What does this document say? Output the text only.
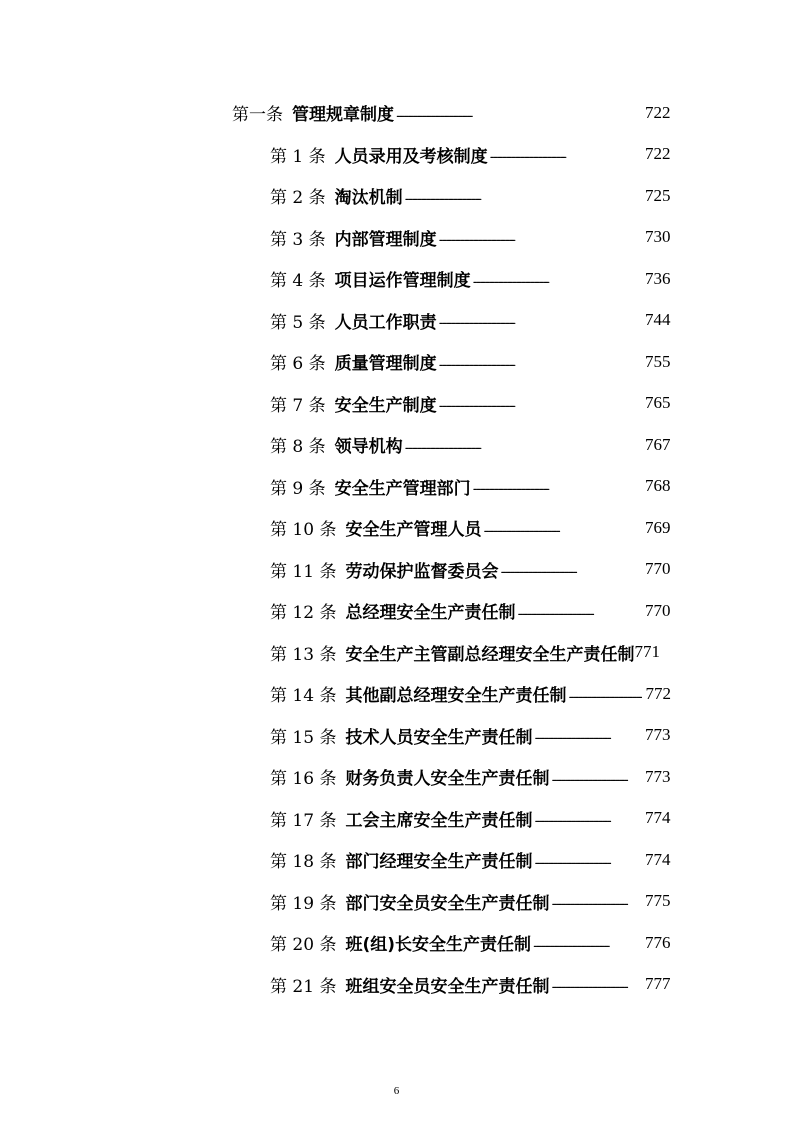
第一条 管理规章制度 . . .	722
第 1 条 人员录用及考核制度 . . .	722
第 2 条 淘汰机制 . . .	725
第 3 条 内部管理制度 . . .	730
第 4 条 项目运作管理制度 . . .	736
第 5 条 人员工作职责 . . .	744
第 6 条 质量管理制度 . . .	755
第 7 条 安全生产制度 . . .	765
第 8 条 领导机构 . . .	767
第 9 条 安全生产管理部门 . . .	768
第 10 条 安全生产管理人员 . . .	769
第 11 条 劳动保护监督委员会 . . .	770
第 12 条 总经理安全生产责任制 . . .	770
第 13 条 安全生产主管副总经理安全生产责任制 771
第 14 条 其他副总经理安全生产责任制 . . .	772
第 15 条 技术人员安全生产责任制 . . .	773
第 16 条 财务负责人安全生产责任制 . . .	773
第 17 条 工会主席安全生产责任制 . . .	774
第 18 条 部门经理安全生产责任制 . . .	774
第 19 条 部门安全员安全生产责任制 . . .	775
第 20 条 班(组)长安全生产责任制 . . .	776
第 21 条 班组安全员安全生产责任制 . . .	777
6
